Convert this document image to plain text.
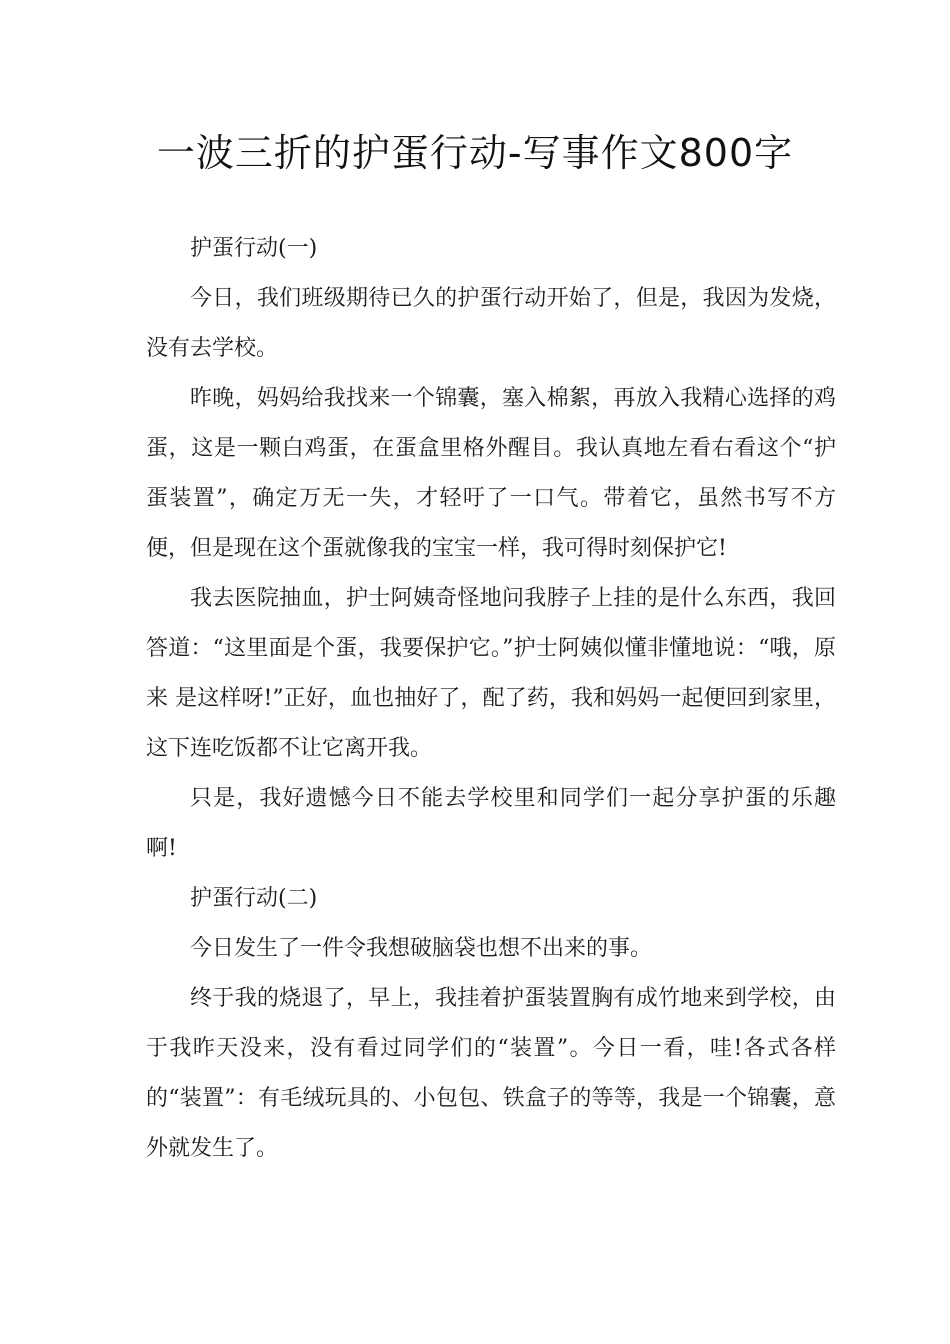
一波三折的护蛋行动-写事作文800字

护蛋行动(一)

今日，我们班级期待已久的护蛋行动开始了，但是，我因为发烧，没有去学校。

昨晚，妈妈给我找来一个锦囊，塞入棉絮，再放入我精心选择的鸡蛋，这是一颗白鸡蛋，在蛋盒里格外醒目。我认真地左看右看这个“护蛋装置”，确定万无一失，才轻吁了一口气。带着它，虽然书写不方便，但是现在这个蛋就像我的宝宝一样，我可得时刻保护它!

我去医院抽血，护士阿姨奇怪地问我脖子上挂的是什么东西，我回答道：“这里面是个蛋，我要保护它。”护士阿姨似懂非懂地说：“哦，原来 是这样呀!”正好，血也抽好了，配了药，我和妈妈一起便回到家里，这下连吃饭都不让它离开我。

只是，我好遗憾今日不能去学校里和同学们一起分享护蛋的乐趣啊!

护蛋行动(二)

今日发生了一件令我想破脑袋也想不出来的事。

终于我的烧退了，早上，我挂着护蛋装置胸有成竹地来到学校，由于我昨天没来，没有看过同学们的“装置”。今日一看，哇!各式各样的“装置”：有毛绒玩具的、小包包、铁盒子的等等，我是一个锦囊，意外就发生了。
